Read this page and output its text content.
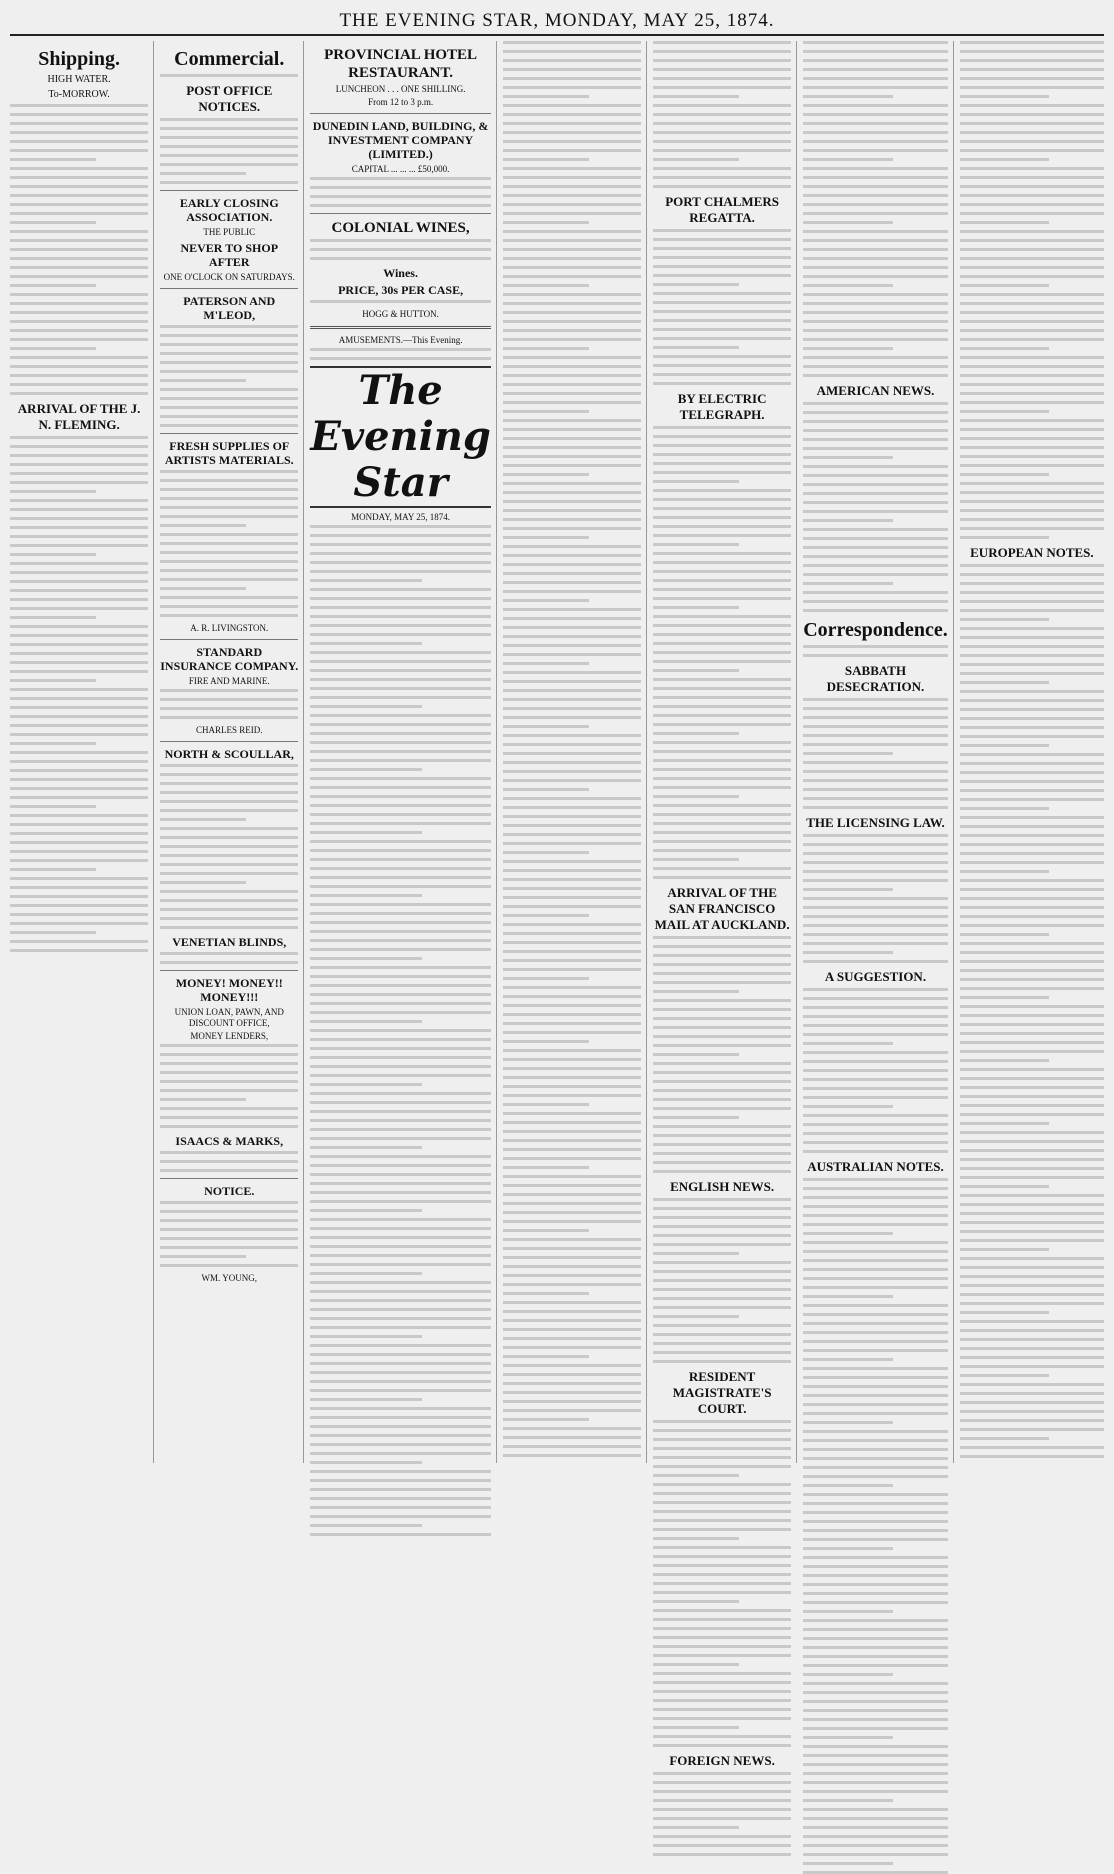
THE EVENING STAR, MONDAY, MAY 25, 1874.
Shipping.
HIGH WATER.
To-MORROW.
ARRIVAL OF THE J. N. FLEMING.
Commercial.
POST OFFICE NOTICES.
EARLY CLOSING ASSOCIATION.
THE PUBLIC
NEVER TO SHOP AFTER
ONE O'CLOCK ON SATURDAYS.
PATERSON AND M'LEOD,
FRESH SUPPLIES OF ARTISTS MATERIALS.
A. R. LIVINGSTON.
STANDARD INSURANCE COMPANY.
FIRE AND MARINE.
CHARLES REID.
NORTH & SCOULLAR,
VENETIAN BLINDS,
MONEY! MONEY!! MONEY!!!
UNION LOAN, PAWN, AND DISCOUNT OFFICE,
MONEY LENDERS,
ISAACS & MARKS,
NOTICE.
WM. YOUNG,
PROVINCIAL HOTEL RESTAURANT.
LUNCHEON . . . ONE SHILLING.
From 12 to 3 p.m.
DUNEDIN LAND, BUILDING, & INVESTMENT COMPANY (LIMITED.)
CAPITAL ... ... ... £50,000.
COLONIAL WINES,
Wines.
PRICE, 30s PER CASE,
HOGG & HUTTON.
AMUSEMENTS.—This Evening.
The Evening Star
MONDAY, MAY 25, 1874.
PORT CHALMERS REGATTA.
BY ELECTRIC TELEGRAPH.
ARRIVAL OF THE SAN FRANCISCO MAIL AT AUCKLAND.
ENGLISH NEWS.
RESIDENT MAGISTRATE'S COURT.
FOREIGN NEWS.
AMERICAN NEWS.
Correspondence.
SABBATH DESECRATION.
THE LICENSING LAW.
A SUGGESTION.
AUSTRALIAN NOTES.
EUROPEAN NOTES.
